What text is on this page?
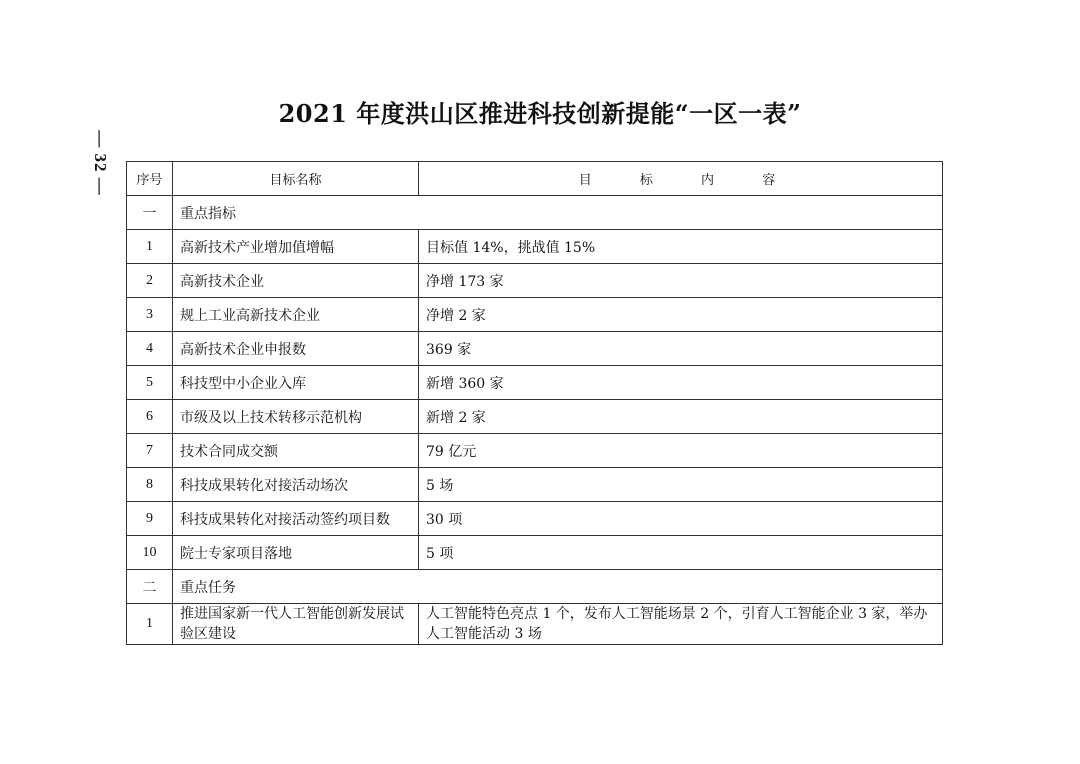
— 32 —
2021 年度洪山区推进科技创新提能“一区一表”
序号	目标名称	目 标 内 容
一	重点指标	
1	高新技术产业增加值增幅	目标值 14%，挑战值 15%
2	高新技术企业	净增 173 家
3	规上工业高新技术企业	净增 2 家
4	高新技术企业申报数	369 家
5	科技型中小企业入库	新增 360 家
6	市级及以上技术转移示范机构	新增 2 家
7	技术合同成交额	79 亿元
8	科技成果转化对接活动场次	5 场
9	科技成果转化对接活动签约项目数	30 项
10	院士专家项目落地	5 项
二	重点任务	
1	推进国家新一代人工智能创新发展试验区建设	人工智能特色亮点 1 个，发布人工智能场景 2 个，引育人工智能企业 3 家，举办人工智能活动 3 场
